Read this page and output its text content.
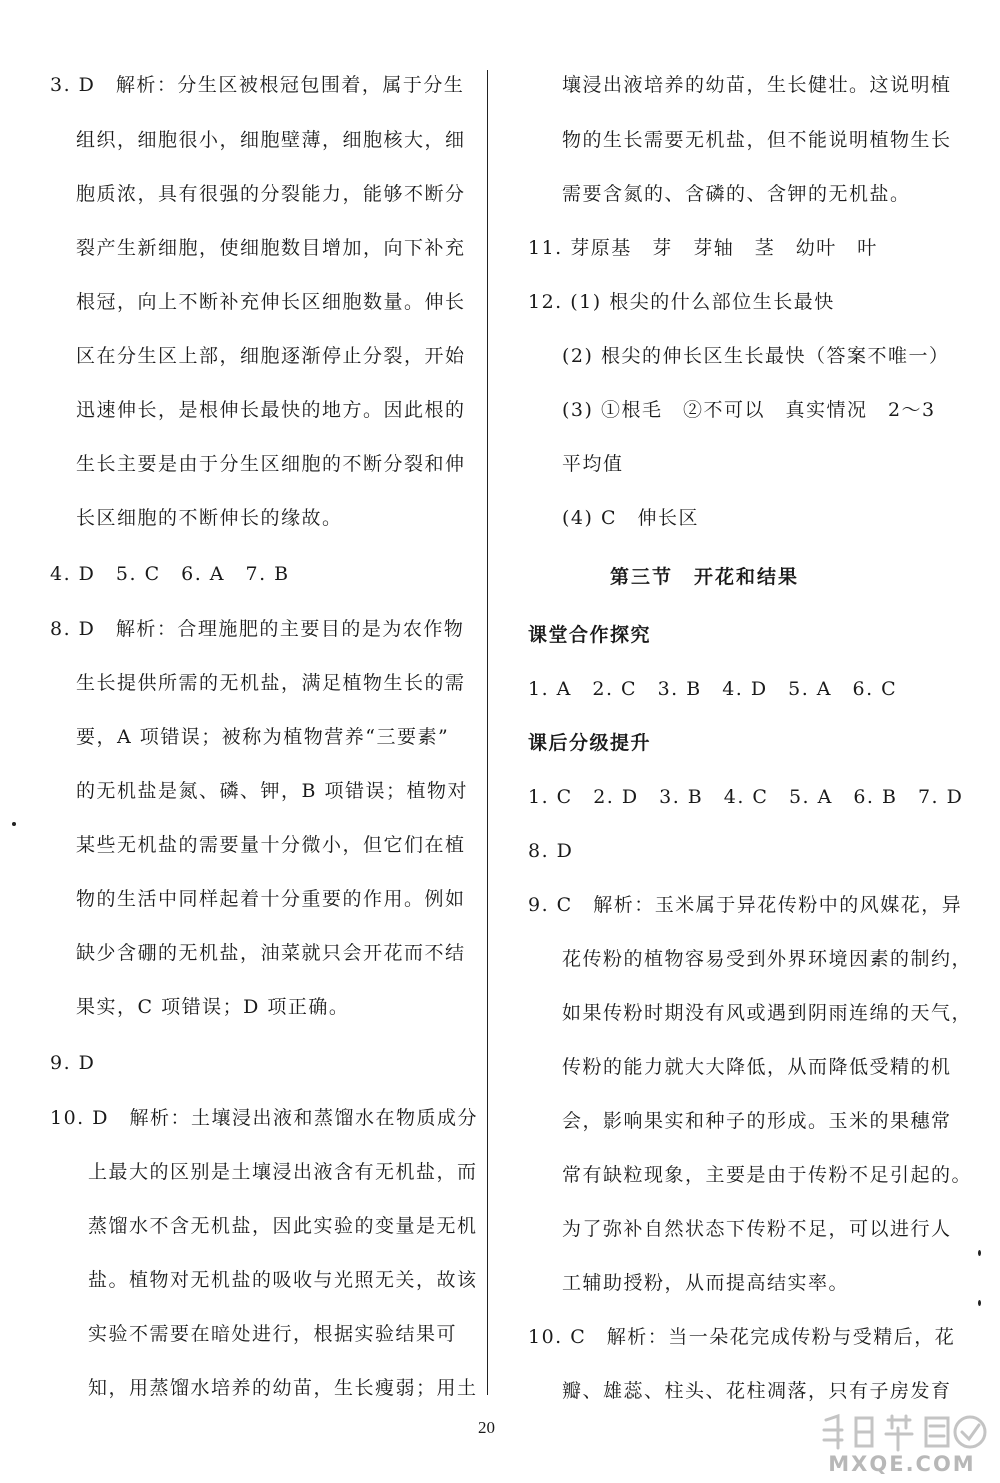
3. D　解析：分生区被根冠包围着，属于分生
组织，细胞很小，细胞壁薄，细胞核大，细
胞质浓，具有很强的分裂能力，能够不断分
裂产生新细胞，使细胞数目增加，向下补充
根冠，向上不断补充伸长区细胞数量。伸长
区在分生区上部，细胞逐渐停止分裂，开始
迅速伸长，是根伸长最快的地方。因此根的
生长主要是由于分生区细胞的不断分裂和伸
长区细胞的不断伸长的缘故。
4. D　5. C　6. A　7. B
8. D　解析：合理施肥的主要目的是为农作物
生长提供所需的无机盐，满足植物生长的需
要，A 项错误；被称为植物营养“三要素”
的无机盐是氮、磷、钾，B 项错误；植物对
某些无机盐的需要量十分微小，但它们在植
物的生活中同样起着十分重要的作用。例如
缺少含硼的无机盐，油菜就只会开花而不结
果实，C 项错误；D 项正确。
9. D
10. D　解析：土壤浸出液和蒸馏水在物质成分
上最大的区别是土壤浸出液含有无机盐，而
蒸馏水不含无机盐，因此实验的变量是无机
盐。植物对无机盐的吸收与光照无关，故该
实验不需要在暗处进行，根据实验结果可
知，用蒸馏水培养的幼苗，生长瘦弱；用土
壤浸出液培养的幼苗，生长健壮。这说明植
物的生长需要无机盐，但不能说明植物生长
需要含氮的、含磷的、含钾的无机盐。
11. 芽原基　芽　芽轴　茎　幼叶　叶
12. (1) 根尖的什么部位生长最快
(2) 根尖的伸长区生长最快（答案不唯一）
(3) ①根毛　②不可以　真实情况　2～3
平均值
(4) C　伸长区
第三节　开花和结果
课堂合作探究
1. A　2. C　3. B　4. D　5. A　6. C
课后分级提升
1. C　2. D　3. B　4. C　5. A　6. B　7. D
8. D
9. C　解析：玉米属于异花传粉中的风媒花，异
花传粉的植物容易受到外界环境因素的制约，
如果传粉时期没有风或遇到阴雨连绵的天气，
传粉的能力就大大降低，从而降低受精的机
会，影响果实和种子的形成。玉米的果穗常
常有缺粒现象，主要是由于传粉不足引起的。
为了弥补自然状态下传粉不足，可以进行人
工辅助授粉，从而提高结实率。
10. C　解析：当一朵花完成传粉与受精后，花
瓣、雄蕊、柱头、花柱凋落，只有子房发育
20
MXQE.COM
